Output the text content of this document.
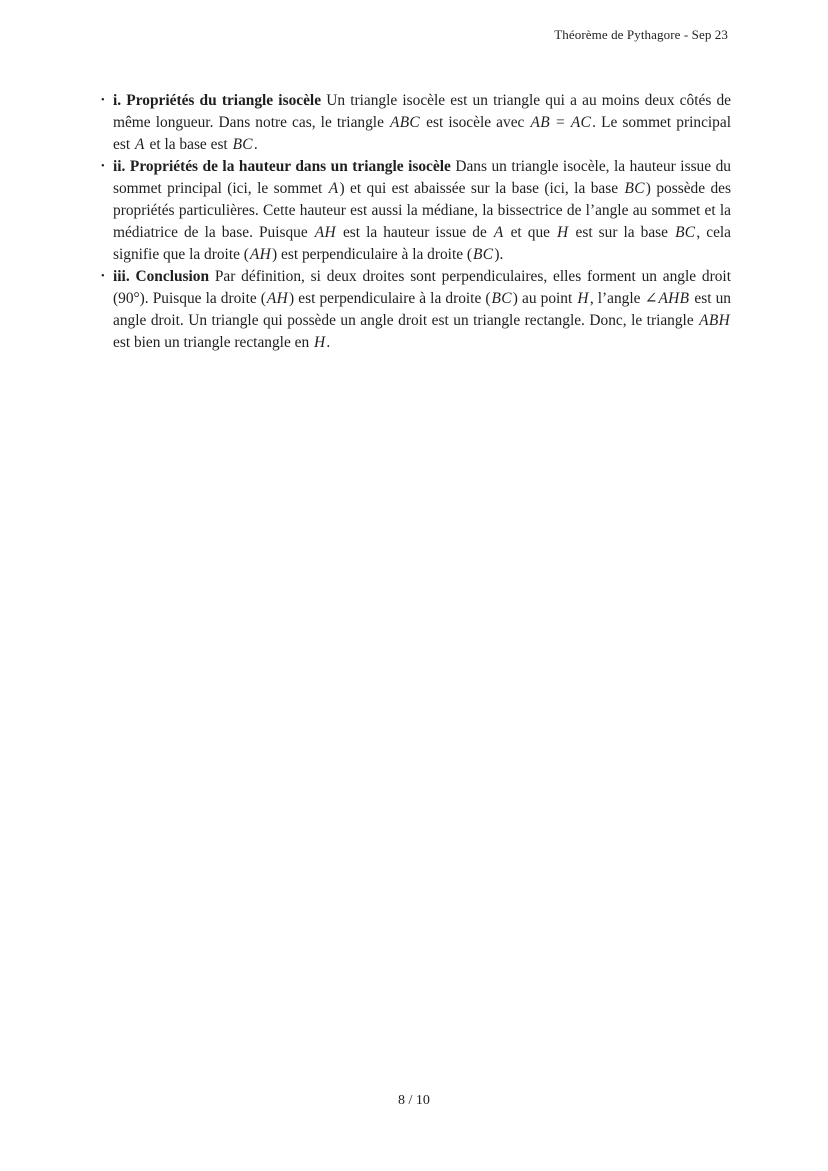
Théorème de Pythagore - Sep 23
• i. Propriétés du triangle isocèle Un triangle isocèle est un triangle qui a au moins deux côtés de même longueur. Dans notre cas, le triangle ABC est isocèle avec AB = AC. Le sommet principal est A et la base est BC.
• ii. Propriétés de la hauteur dans un triangle isocèle Dans un triangle isocèle, la hauteur issue du sommet principal (ici, le sommet A) et qui est abaissée sur la base (ici, la base BC) possède des propriétés particulières. Cette hauteur est aussi la médiane, la bissectrice de l’angle au sommet et la médiatrice de la base. Puisque AH est la hauteur issue de A et que H est sur la base BC, cela signifie que la droite (AH) est perpendiculaire à la droite (BC).
• iii. Conclusion Par définition, si deux droites sont perpendiculaires, elles forment un angle droit (90°). Puisque la droite (AH) est perpendiculaire à la droite (BC) au point H, l’angle ∠AHB est un angle droit. Un triangle qui possède un angle droit est un triangle rectangle. Donc, le triangle ABH est bien un triangle rectangle en H.
8 / 10
